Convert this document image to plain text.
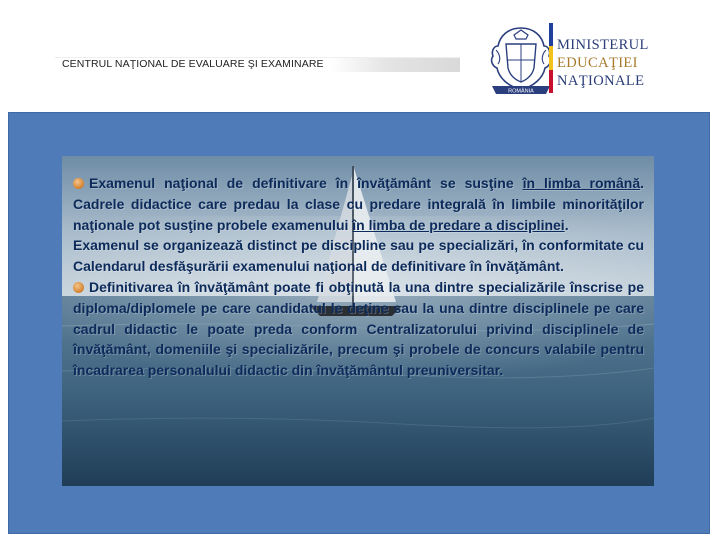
CENTRUL NAŢIONAL DE EVALUARE ŞI EXAMINARE
ROMÂNIA
MINISTERUL
EDUCAŢIEI
NAŢIONALE

Examenul naţional de definitivare în învăţământ se susţine în limba română. Cadrele didactice care predau la clase cu predare integrală în limbile minorităţilor naţionale pot susţine probele examenului în limba de predare a disciplinei.

Examenul se organizează distinct pe discipline sau pe specializări, în conformitate cu Calendarul desfăşurării examenului naţional de definitivare în învăţământ.

Definitivarea în învăţământ poate fi obţinută la una dintre specializările înscrise pe diploma/diplomele pe care candidatul le deţine sau la una dintre disciplinele pe care cadrul didactic le poate preda conform Centralizatorului privind disciplinele de învăţământ, domeniile şi specializările, precum şi probele de concurs valabile pentru încadrarea personalului didactic din învăţământul preuniversitar.
